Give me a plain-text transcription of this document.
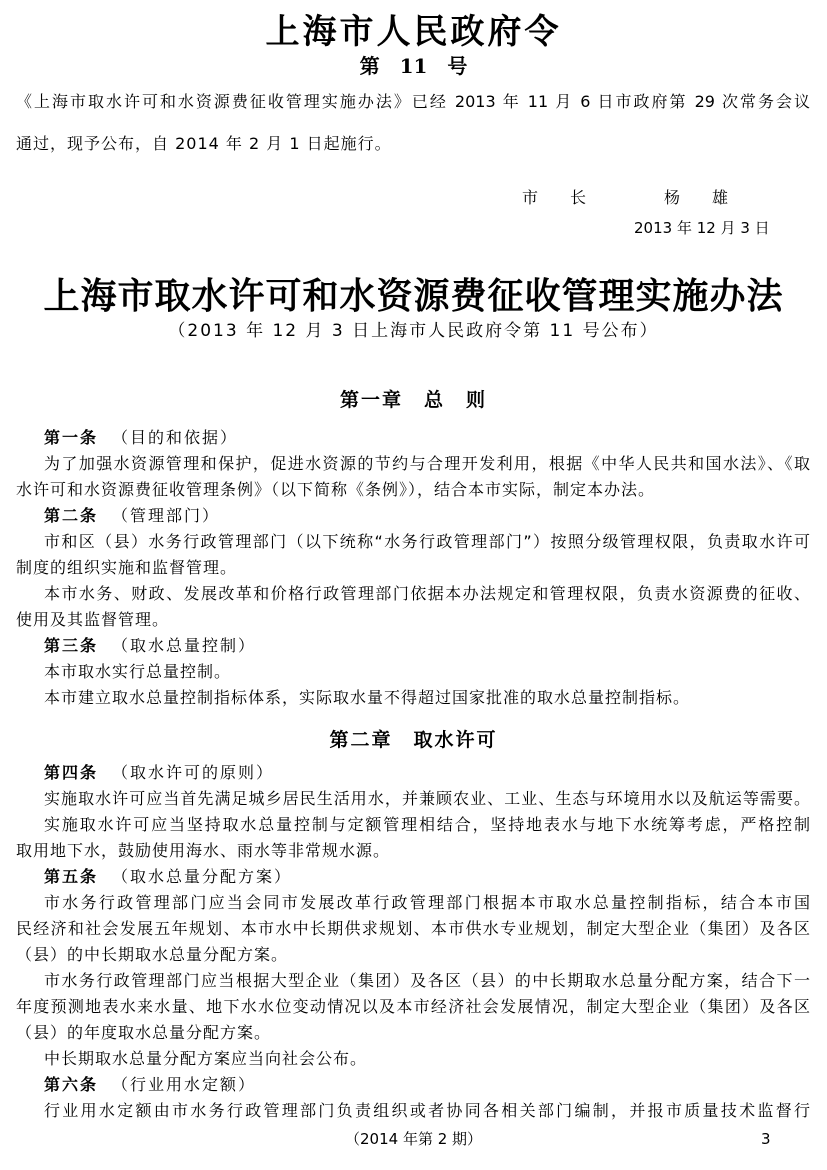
上海市人民政府令
第　11　号
《上海市取水许可和水资源费征收管理实施办法》已经 2013 年 11 月 6 日市政府第 29 次常务会议
通过，现予公布，自 2014 年 2 月 1 日起施行。
市　长	杨　雄
2013 年 12 月 3 日
上海市取水许可和水资源费征收管理实施办法
（2013 年 12 月 3 日上海市人民政府令第 11 号公布）
第一章　总　则
第一条 （目的和依据）
为了加强水资源管理和保护，促进水资源的节约与合理开发利用，根据《中华人民共和国水法》、《取
水许可和水资源费征收管理条例》（以下简称《条例》），结合本市实际，制定本办法。
第二条 （管理部门）
市和区（县）水务行政管理部门（以下统称“水务行政管理部门”）按照分级管理权限，负责取水许可
制度的组织实施和监督管理。
本市水务、财政、发展改革和价格行政管理部门依据本办法规定和管理权限，负责水资源费的征收、
使用及其监督管理。
第三条 （取水总量控制）
本市取水实行总量控制。
本市建立取水总量控制指标体系，实际取水量不得超过国家批准的取水总量控制指标。
第二章　取水许可
第四条 （取水许可的原则）
实施取水许可应当首先满足城乡居民生活用水，并兼顾农业、工业、生态与环境用水以及航运等需要。
实施取水许可应当坚持取水总量控制与定额管理相结合，坚持地表水与地下水统筹考虑，严格控制
取用地下水，鼓励使用海水、雨水等非常规水源。
第五条 （取水总量分配方案）
市水务行政管理部门应当会同市发展改革行政管理部门根据本市取水总量控制指标，结合本市国
民经济和社会发展五年规划、本市水中长期供求规划、本市供水专业规划，制定大型企业（集团）及各区
（县）的中长期取水总量分配方案。
市水务行政管理部门应当根据大型企业（集团）及各区（县）的中长期取水总量分配方案，结合下一
年度预测地表水来水量、地下水水位变动情况以及本市经济社会发展情况，制定大型企业（集团）及各区
（县）的年度取水总量分配方案。
中长期取水总量分配方案应当向社会公布。
第六条 （行业用水定额）
行业用水定额由市水务行政管理部门负责组织或者协同各相关部门编制，并报市质量技术监督行
（2014 年第 2 期）	3
